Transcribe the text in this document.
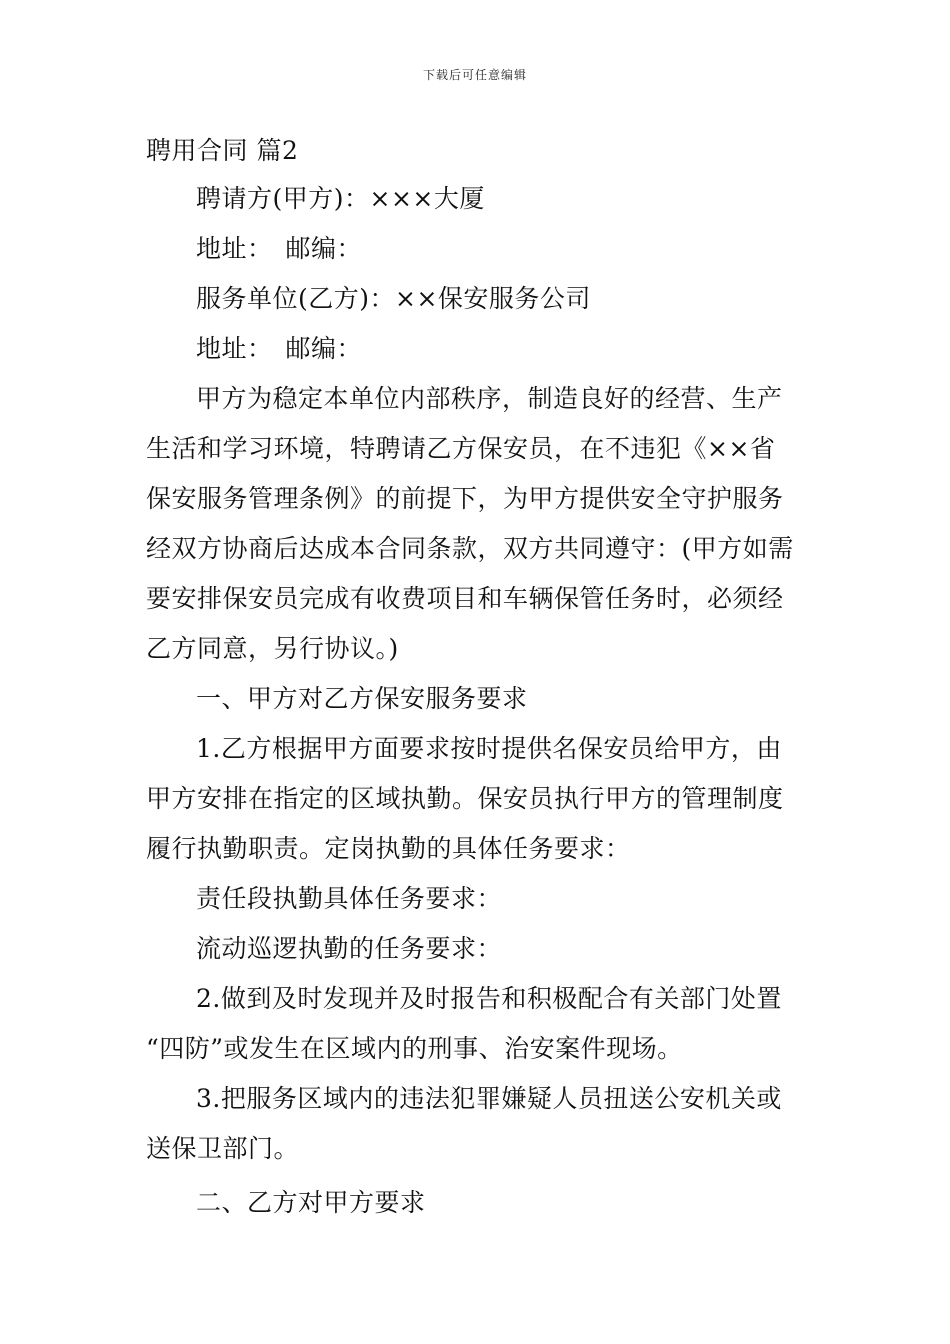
下载后可任意编辑
聘用合同 篇2
聘请方(甲方)：×××大厦
地址：　邮编：
服务单位(乙方)：××保安服务公司
地址：　邮编：
甲方为稳定本单位内部秩序，制造良好的经营、生产
生活和学习环境，特聘请乙方保安员，在不违犯《××省
保安服务管理条例》的前提下，为甲方提供安全守护服务
经双方协商后达成本合同条款，双方共同遵守：(甲方如需
要安排保安员完成有收费项目和车辆保管任务时，必须经
乙方同意，另行协议。)
一、甲方对乙方保安服务要求
1.乙方根据甲方面要求按时提供名保安员给甲方，由
甲方安排在指定的区域执勤。保安员执行甲方的管理制度
履行执勤职责。定岗执勤的具体任务要求：
责任段执勤具体任务要求：
流动巡逻执勤的任务要求：
2.做到及时发现并及时报告和积极配合有关部门处置
“四防”或发生在区域内的刑事、治安案件现场。
3.把服务区域内的违法犯罪嫌疑人员扭送公安机关或
送保卫部门。
二、乙方对甲方要求
